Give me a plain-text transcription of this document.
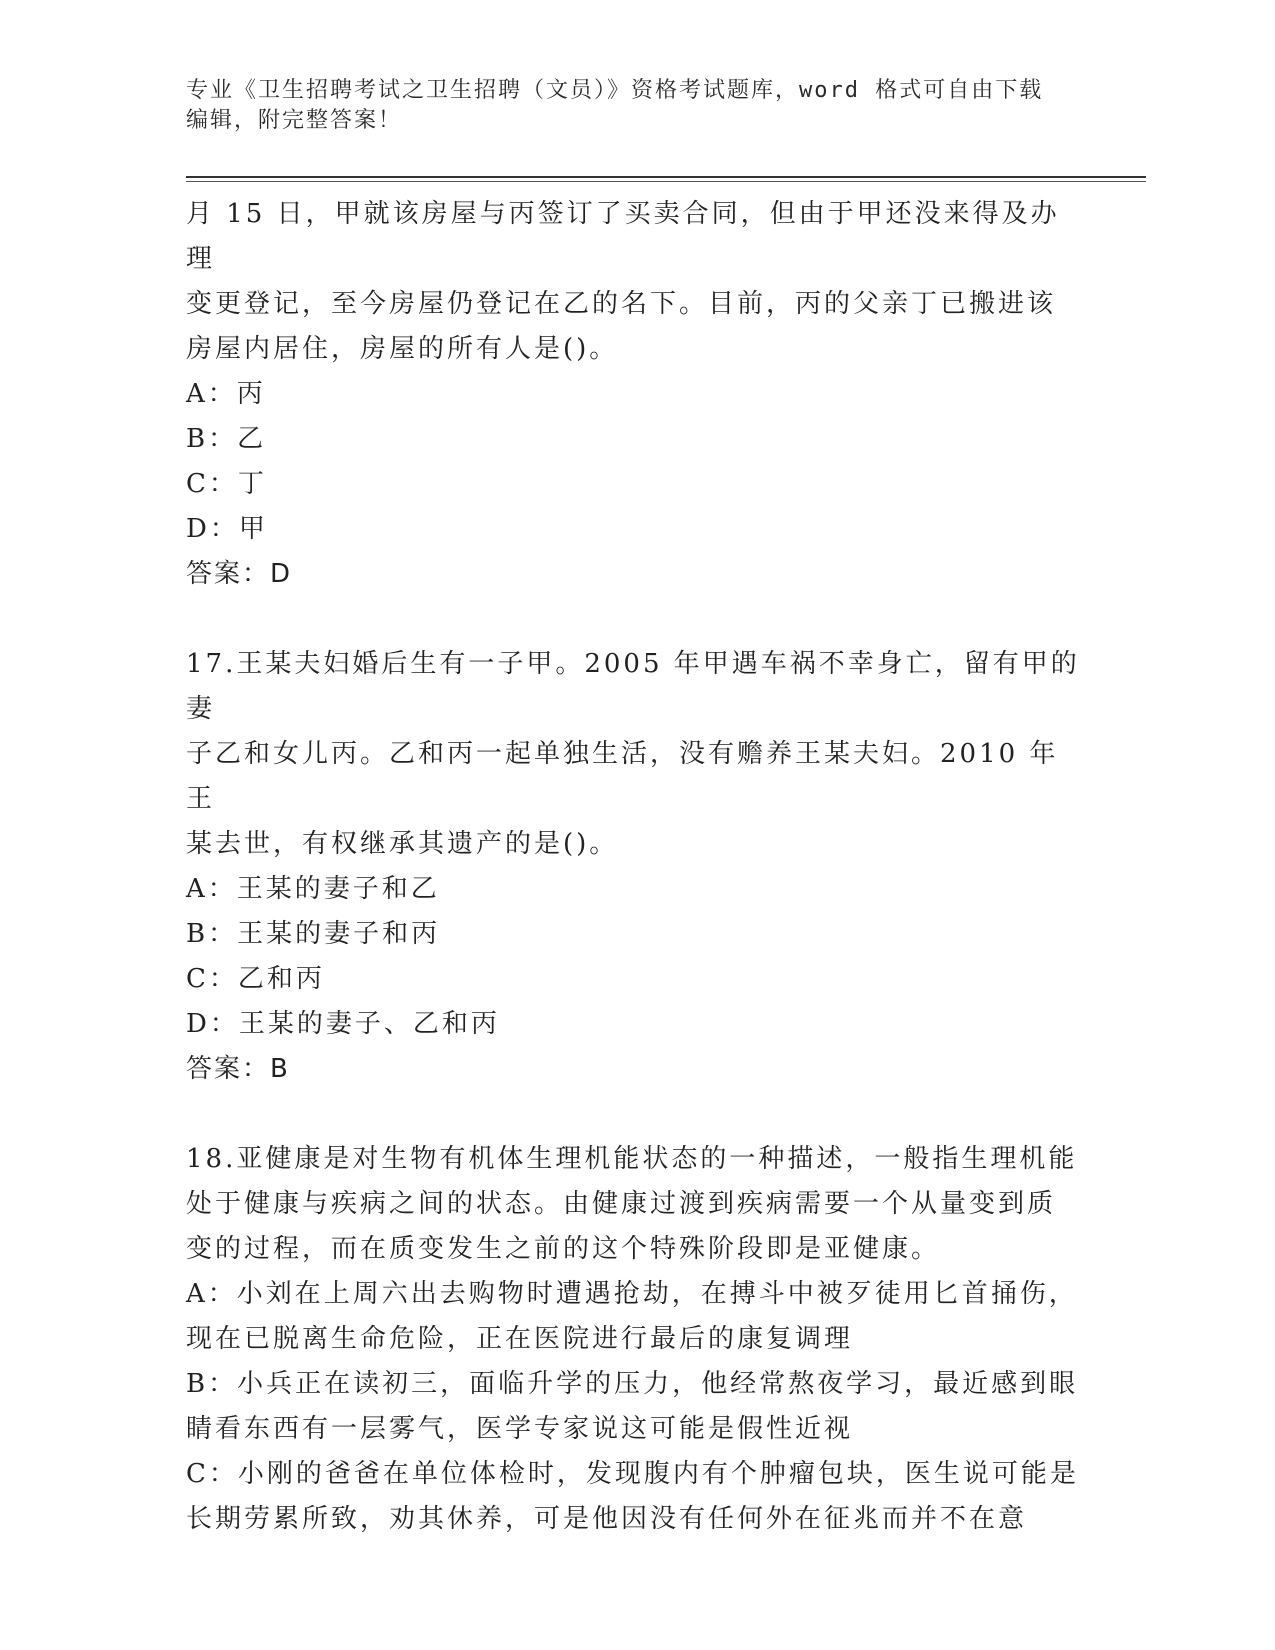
专业《卫生招聘考试之卫生招聘（文员）》资格考试题库，word 格式可自由下载
编辑，附完整答案！

月 15 日，甲就该房屋与丙签订了买卖合同，但由于甲还没来得及办理

变更登记，至今房屋仍登记在乙的名下。目前，丙的父亲丁已搬进该

房屋内居住，房屋的所有人是()。

A：丙

B：乙

C：丁

D：甲

答案：D

17.王某夫妇婚后生有一子甲。2005 年甲遇车祸不幸身亡，留有甲的妻

子乙和女儿丙。乙和丙一起单独生活，没有赡养王某夫妇。2010 年王

某去世，有权继承其遗产的是()。

A：王某的妻子和乙

B：王某的妻子和丙

C：乙和丙

D：王某的妻子、乙和丙

答案：B

18.亚健康是对生物有机体生理机能状态的一种描述，一般指生理机能

处于健康与疾病之间的状态。由健康过渡到疾病需要一个从量变到质

变的过程，而在质变发生之前的这个特殊阶段即是亚健康。

A：小刘在上周六出去购物时遭遇抢劫，在搏斗中被歹徒用匕首捅伤，

现在已脱离生命危险，正在医院进行最后的康复调理

B：小兵正在读初三，面临升学的压力，他经常熬夜学习，最近感到眼

睛看东西有一层雾气，医学专家说这可能是假性近视

C：小刚的爸爸在单位体检时，发现腹内有个肿瘤包块，医生说可能是

长期劳累所致，劝其休养，可是他因没有任何外在征兆而并不在意
